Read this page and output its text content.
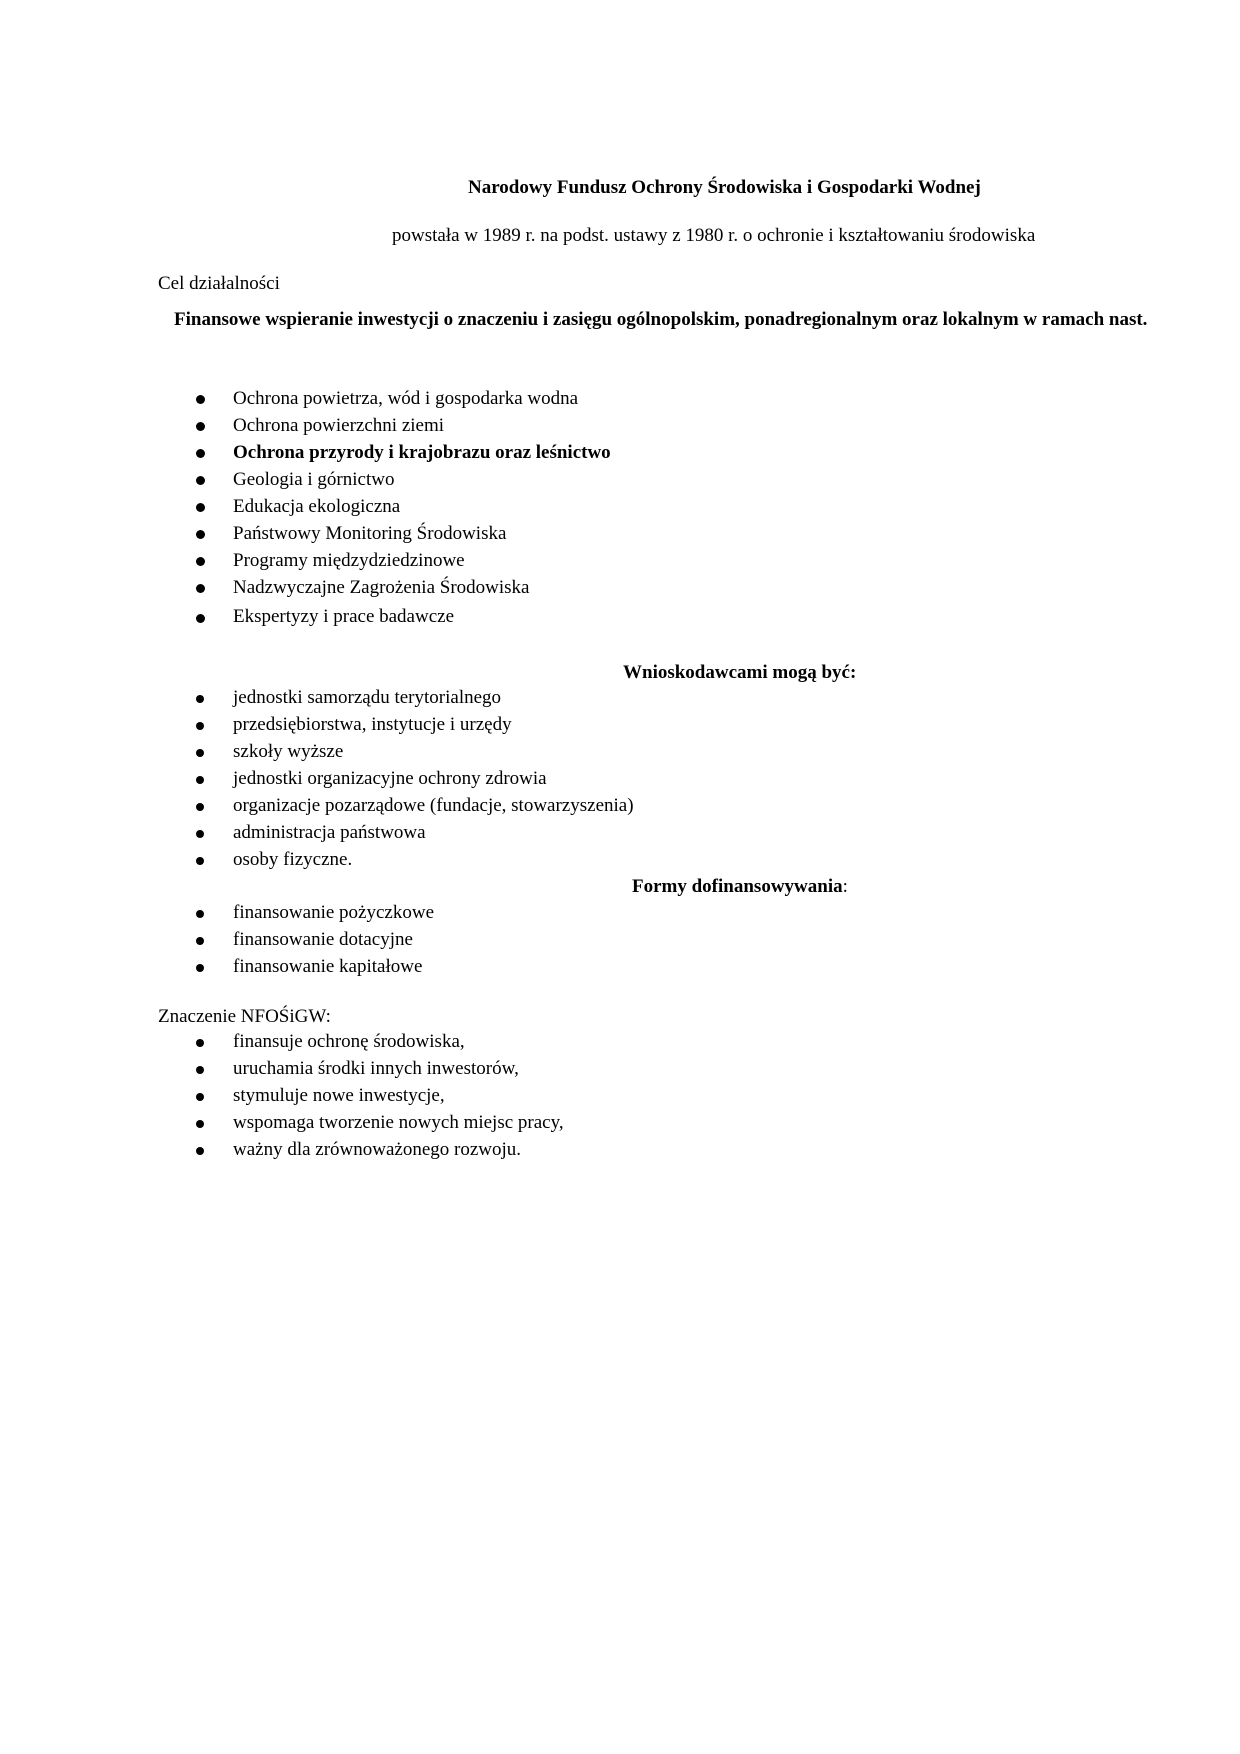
Narodowy Fundusz Ochrony Środowiska i Gospodarki Wodnej
powstała w 1989 r. na podst. ustawy z 1980 r. o ochronie i kształtowaniu środowiska
Cel działalności
Finansowe wspieranie inwestycji o znaczeniu i zasięgu ogólnopolskim, ponadregionalnym oraz lokalnym w ramach nast.
Ochrona powietrza, wód i gospodarka wodna
Ochrona powierzchni ziemi
Ochrona przyrody i krajobrazu oraz leśnictwo
Geologia i górnictwo
Edukacja ekologiczna
Państwowy Monitoring Środowiska
Programy międzydziedzinowe
Nadzwyczajne Zagrożenia Środowiska
Ekspertyzy i prace badawcze
Wnioskodawcami mogą być:
jednostki samorządu terytorialnego
przedsiębiorstwa, instytucje i urzędy
szkoły wyższe
jednostki organizacyjne ochrony zdrowia
organizacje pozarządowe (fundacje, stowarzyszenia)
administracja państwowa
osoby fizyczne.
Formy dofinansowywania:
finansowanie pożyczkowe
finansowanie dotacyjne
finansowanie kapitałowe
Znaczenie NFOŚiGW:
finansuje ochronę środowiska,
uruchamia środki innych inwestorów,
stymuluje nowe inwestycje,
wspomaga tworzenie nowych miejsc pracy,
ważny dla zrównoważonego rozwoju.
